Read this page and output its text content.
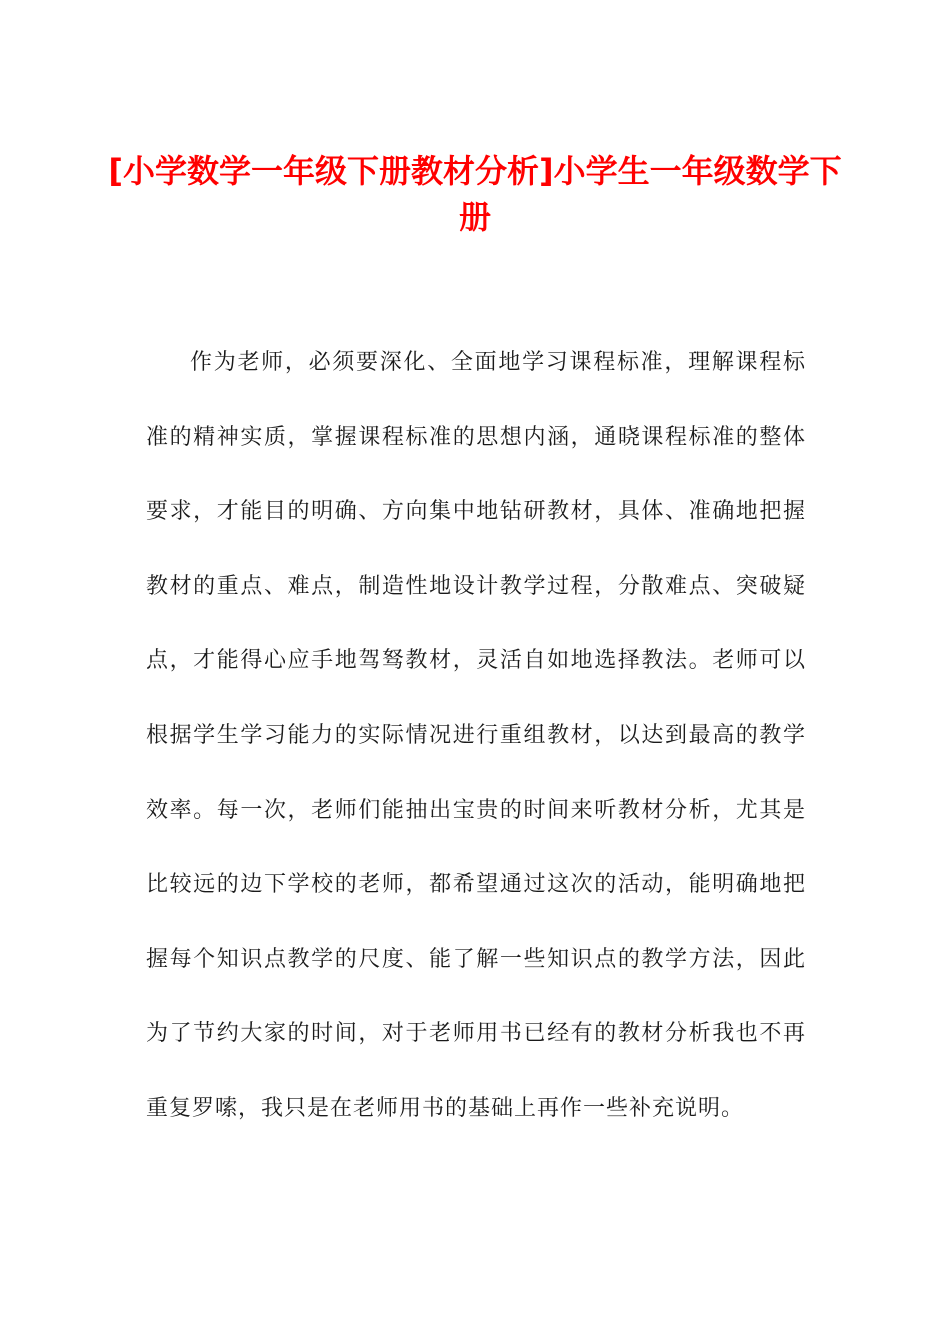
[小学数学一年级下册教材分析]小学生一年级数学下册

作为老师，必须要深化、全面地学习课程标准，理解课程标准的精神实质，掌握课程标准的思想内涵，通晓课程标准的整体要求，才能目的明确、方向集中地钻研教材，具体、准确地把握教材的重点、难点，制造性地设计教学过程，分散难点、突破疑点，才能得心应手地驾驽教材，灵活自如地选择教法。老师可以根据学生学习能力的实际情况进行重组教材，以达到最高的教学效率。每一次，老师们能抽出宝贵的时间来听教材分析，尤其是比较远的边下学校的老师，都希望通过这次的活动，能明确地把握每个知识点教学的尺度、能了解一些知识点的教学方法，因此为了节约大家的时间，对于老师用书已经有的教材分析我也不再重复罗嗦，我只是在老师用书的基础上再作一些补充说明。
